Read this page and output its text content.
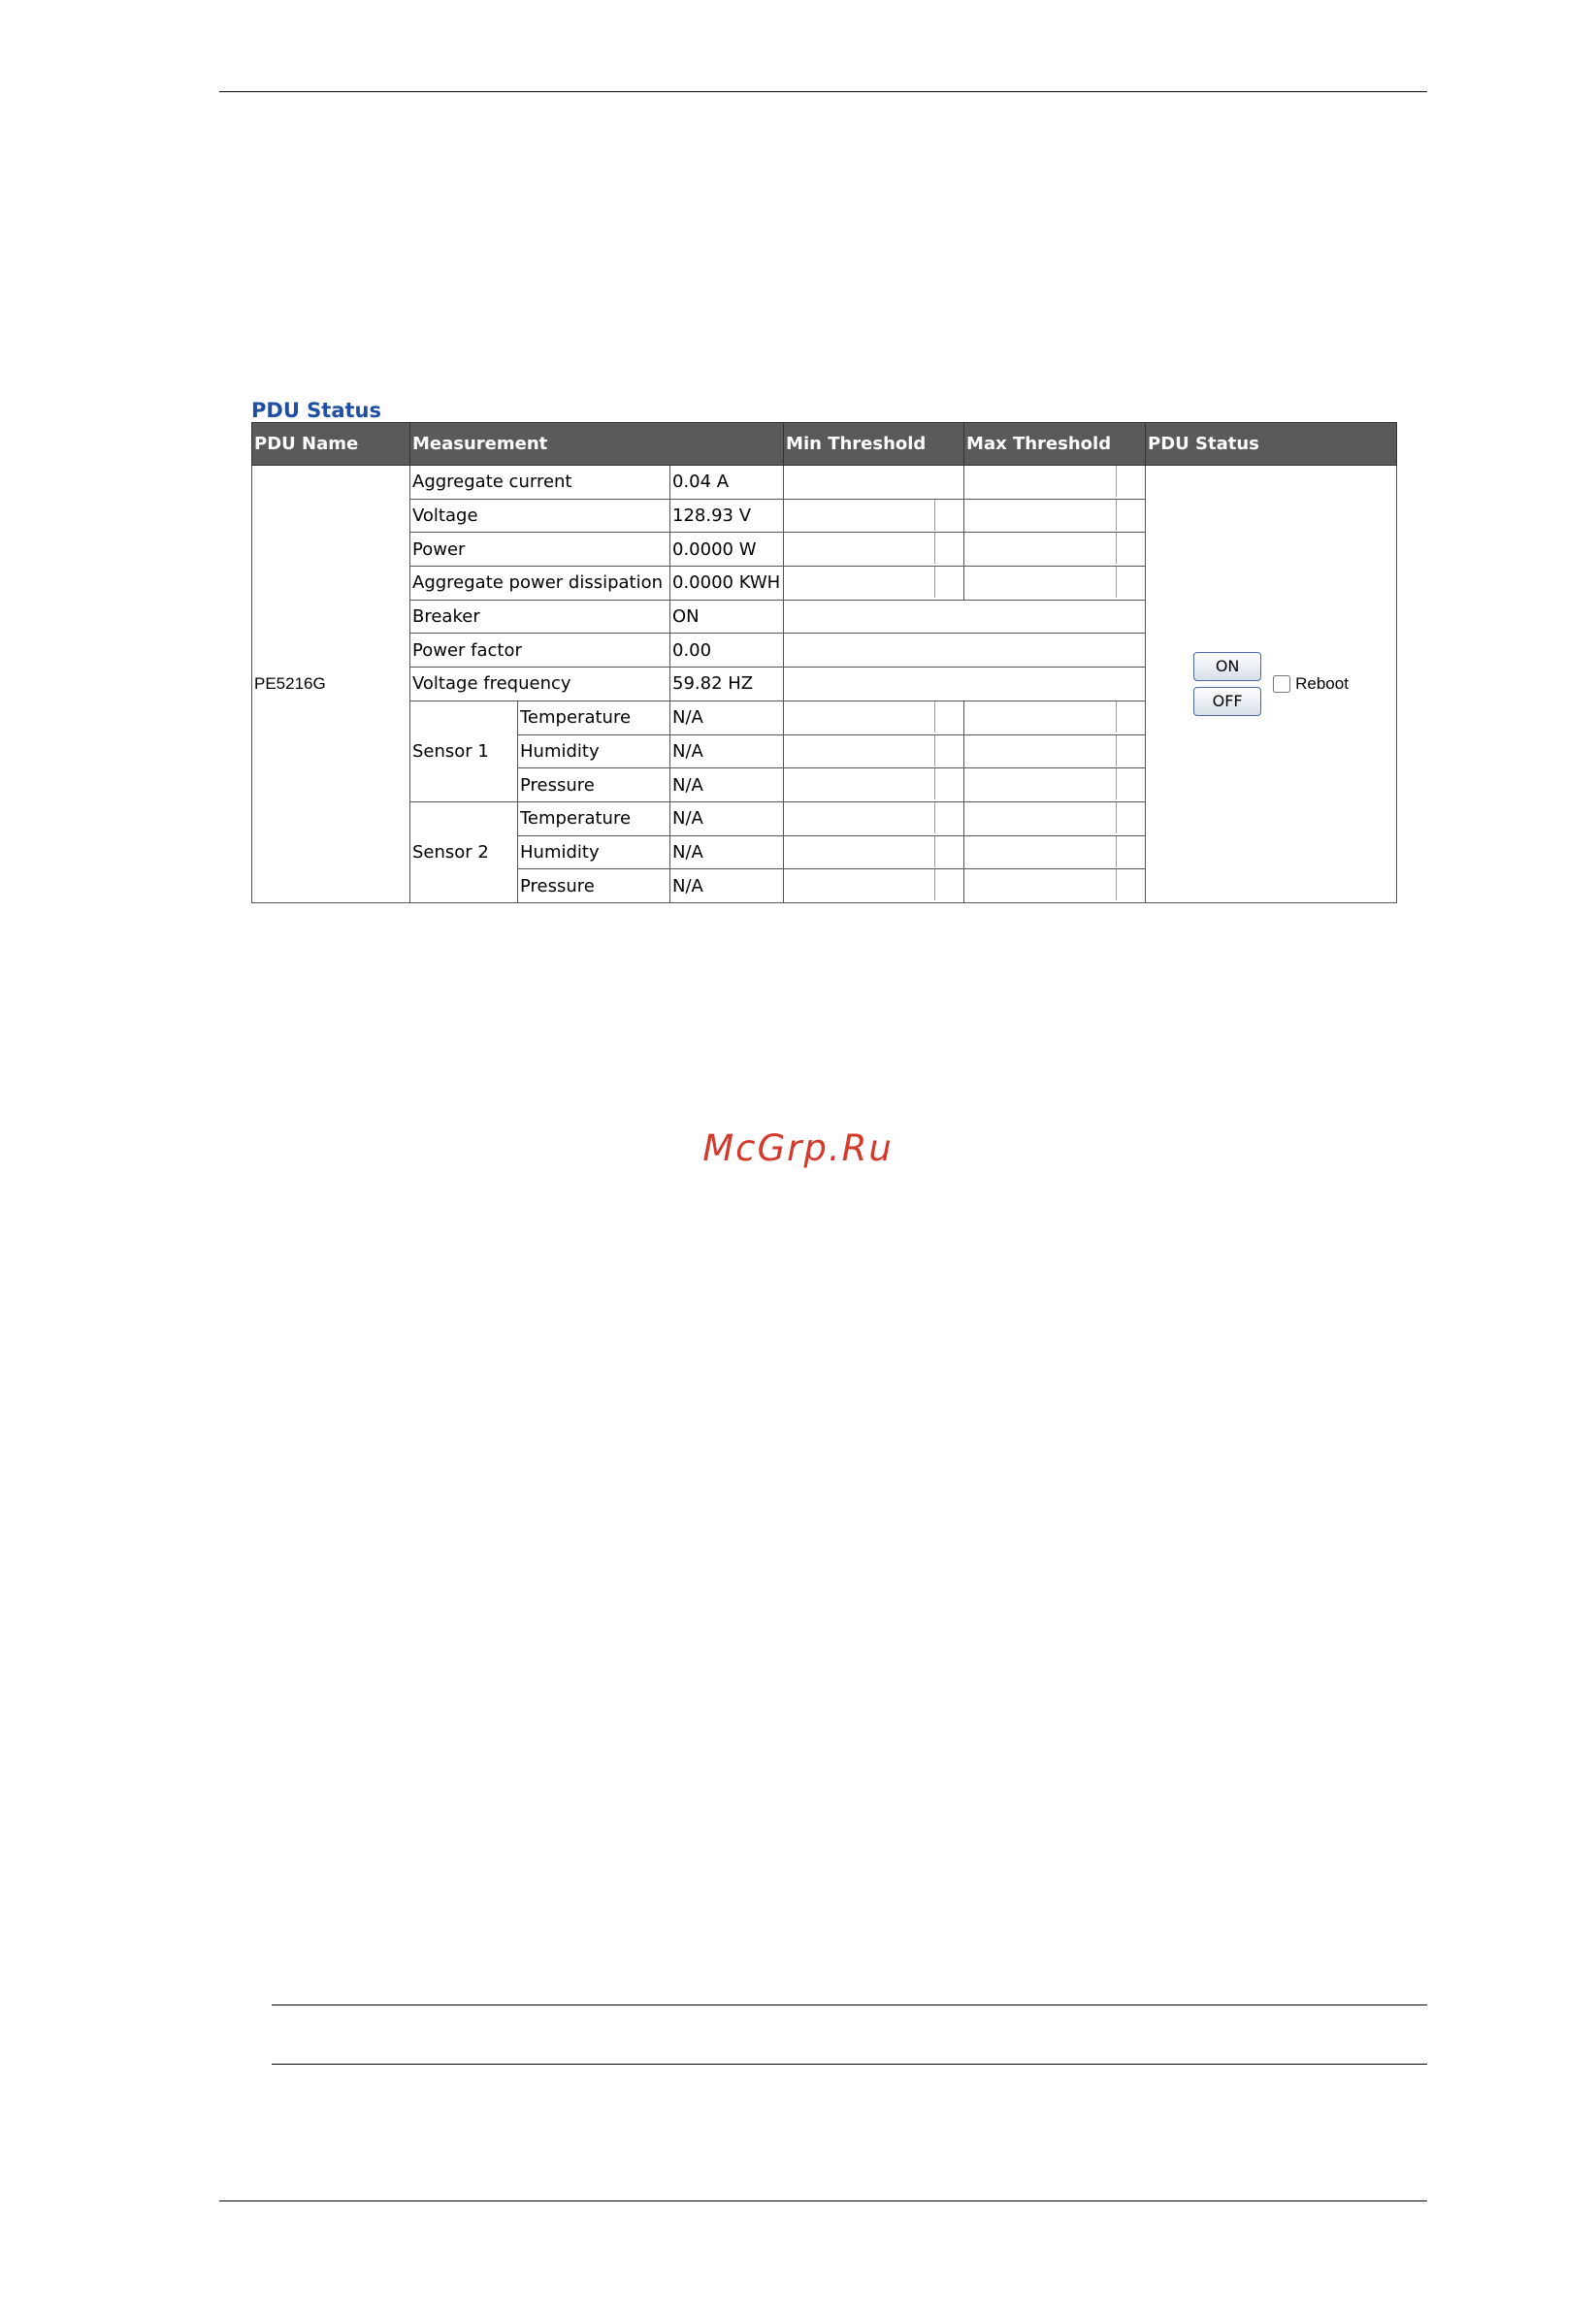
PDU Status
PDU Name	Measurement			Min Threshold	Max Threshold	PDU Status
PE5216G	Aggregate current		0.04 A			ON
OFF
Reboot

	Voltage		128.93 V		

	Power		0.0000 W		

	Aggregate power dissipation		0.0000 KWH		

	Breaker		ON			
	Power factor		0.00			
	Voltage frequency		59.82 HZ			
	Sensor 1	Temperature	N/A		

		Humidity	N/A		

		Pressure	N/A		

	Sensor 2	Temperature	N/A		

		Humidity	N/A		

		Pressure	N/A		

McGrp.Ru
